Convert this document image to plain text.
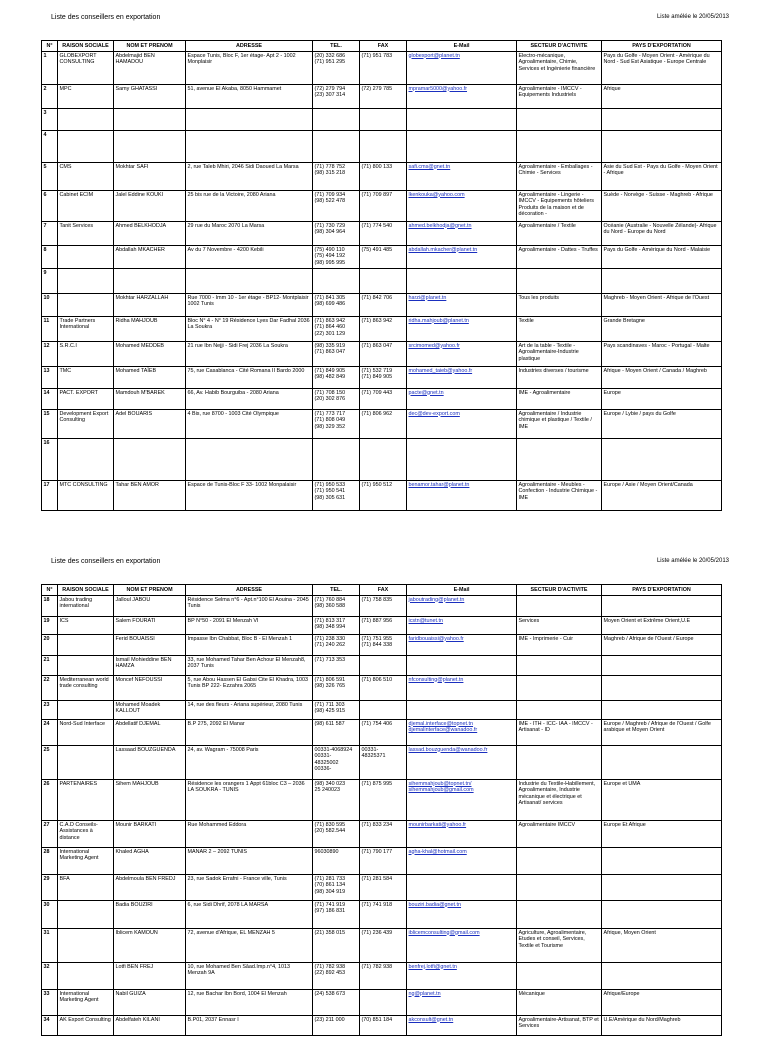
Liste des conseillers en exportation	Liste amélée le 20/05/2013
N°	RAISON SOCIALE	NOM ET PRENOM	ADRESSE	TEL.	FAX	E-Mail	SECTEUR D'ACTIVITE	PAYS D'EXPORTATION
1	GLOBEXPORT CONSULTING	Abdelmajid BEN HAMADOU	Espace Tunis, Bloc F, 1er étage- Apt 2 - 1002 Monplaisir	(20) 332 686
(71) 951 295	(71) 951 783	globexport@planet.tn	Electro-mécanique, Agroalimentaire, Chimie, Services et Ingénierie financière	Pays du Golfe - Moyen Orient - Amérique du Nord - Sud Est Asiatique - Europe Centrale
2	MPC	Samy GHATASSI	51, avenue El Akaba, 8050 Hammamet	(72) 279 794
(23) 307 314	(72) 279 785	mpramar5000@yahoo.fr	Agroalimentaire - IMCCV - Equipements Industriels	Afrique
3								
4								
5	CMS	Mokhtar SAFI	2, rue Taleb Mhiri, 2046 Sidi Daoued La Marsa	(71) 778 752
(98) 315 218	(71) 800 133	safi.cms@gnet.tn	Agroalimentaire - Emballages - Chimie - Services	Asie du Sud Est - Pays du Golfe - Moyen Orient - Afrique
6	Cabinet ECIM	Jalel Eddine KOUKI	25 bis rue de la Victoire, 2080 Ariana	(71) 709 934
(98) 522 478	(71) 709 897	lkenkouka@yahoo.com	Agroalimentaire - Lingerie - IMCCV - Equipements hôteliers Produits de la maison et de décoration -	Suède - Norvège - Suisse - Maghreb - Afrique
7	Tanit Services	Ahmed BELKHODJA	29 rue du Maroc 2070 La Marsa	(71) 730 729
(98) 304 964	(71) 774 540	ahmed.belkhodja@gnet.tn	Agroalimentaire / Textile	Océanie (Australie - Nouvelle Zélande)- Afrique du Nord - Europe du Nord
8		Abdallah MKACHER	Av du 7 Novembre - 4200 Kebili	(75) 490 110
(75) 494 192
(98) 995 995	(75) 491 485	abdallah.mkacher@planet.tn	Agroalimentaire - Dattes - Truffes	Pays du Golfe - Amérique du Nord - Malaisie
9								
10		Mokhtar HARZALLAH	Rue 7000 - Imm 10 - 1er étage - BP12- Montplaisir 1002 Tunis	(71) 841 305
(98) 699 486	(71) 842 706	harzi@planet.tn	Tous les produits	Maghreb - Moyen Orient - Afrique de l'Ouest
11	Trade Partners International	Ridha MAHJOUB	Bloc N° 4 - N° 19 Résidence Lyes Dar Fadhal 2036 La Soukra	(71) 863 942
(71) 864 460
(22) 301 129	(71) 863 942	ridha.mahjoub@planet.tn	Textile	Grande Bretagne
12	S.R.C.I	Mohamed MEDDEB	21 rue Ibn Nejji - Sidi Frej 2036 La Soukra	(98) 335 919
(71) 863 047	(71) 863 047	srcimomed@yahoo.fr	Art de la table - Textile - Agroalimentaire-Industrie plastique	Pays scandinaves - Maroc - Portugal - Malte
13	TMC	Mohamed TAÏEB	75, rue Casablanca - Cité Romana II Bardo 2000	(71) 849 905
(98) 482 849	(71) 532 719
(71) 849 905	mohamed_taieb@yahoo.fr	Industries diverses / tourisme	Afrique - Moyen Orient / Canada / Maghreb
14	PACT. EXPORT	Mamdouh M'BAREK	66, Av. Habib Bourguiba - 2080 Ariana	(71) 708 150
(20) 302 876	(71) 709 443	pacte@gnet.tn	IME - Agroalimentaire	Europe
15	Development Export Consulting	Adel BOUARIS	4 Bis, rue 8700 - 1003 Cité Olympique	(71) 773 717
(71) 808 049
(98) 329 352	(71) 806 962	dec@dev-export.com	Agroalimentaire / Industrie chimique et plastique / Textile / IME	Europe / Lybie / pays du Golfe
16								
17	MTC CONSULTING	Tahar BEN AMOR	Espace de Tunis-Bloc F 33- 1002 Monpalaisir	(71) 950 533
(71) 950 541
(98) 305 631	(71) 950 512	benamor.tahar@planet.tn	Agroalimentaire - Meubles - Confection - Industrie Chimique - IME	Europe / Asie / Moyen Orient/Canada
Liste des conseillers en exportation	Liste amélée le 20/05/2013
N°	RAISON SOCIALE	NOM ET PRENOM	ADRESSE	TEL.	FAX	E-Mail	SECTEUR D'ACTIVITE	PAYS D'EXPORTATION
18	Jabou trading international	Jalloul JABOU	Résidence Selma n°6 - Apt.n°100 El Aouina - 2045 Tunis	(71) 760 884
(98) 360 588	(71) 758 835	jaboutrading@planet.tn		
19	ICS	Salem FOURATI	BP N°50 - 2091 El Menzah VI	(71) 813 317
(98) 348 994	(71) 887 956	icstn@tunet.tn	Services	Moyen Orient et Extrême Orient,U.E
20		Ferid BOUAISSI	Impasse Ibn Chabbat, Bloc B - El Menzah 1	(71) 238 330
(71) 240 262	(71) 751 955
(71) 844 338	faridbouaissi@yahoo.fr	IME - Imprimerie - Cuir	Maghreb / Afrique de l'Ouest / Europe
21		Ismail Mohieddine BEN HAMZA	33, rue Mohamed Tahar Ben Achour El Menzah8, 2037 Tunis	(71) 713 353				
22	Mediterranean world trade consulting	Moncef NEFOUSSI	5, rue Abou Hassen El Gabsi Cite El Khadra, 1003 Tunis BP 222- Ezzahra 2065	(71) 806 591
(98) 326 765	(71) 806 510	nfconsulting@planet.tn		
23		Mohamed Moadek KALLOUT	14, rue des fleurs - Ariana supérieur, 2080 Tunis	(71) 711 303
(98) 425 915				
24	Nord-Sud Interface	Abdellatif DJEMAL	B.P 275, 2092 El Manar	(98) 611 587	(71) 754 406	djemal.interface@topnet.tn
djemalinterface@wanadoo.fr	IME - ITH - ICC- IAA - IMCCV - Artisanat - ID	Europe / Maghreb / Afrique de l'Ouest / Golfe arabique et Moyen Orient
25		Lassaad BOUZGUENDA	24, av. Wagram - 75008 Paris	00331-4068924
00331-
48325002
00336-	00331-
48325371	lassad.bouzguenda@wanadoo.fr		
26	PARTENAIRES	Sihem MAHJOUB	Résidence les orangers 1 Appt 61bloc C3 – 2036 LA SOUKRA - TUNIS	(98) 340 023
25 240023	(71) 875 995	sihemmahjoub@topnet.tn/
sihemmahjoub@gmail.com	Industrie du Textile-Habillement, Agroalimentaire, Industrie mécanique et électrique et Artisanat/ services	Europe et UMA
27	C.A.D Conseils-Assistances à distance	Mounir BARKATI	Rue Mohammed Eddora	(71) 830 595
(20) 582.544	(71) 833 234	mounirbarkati@yahoo.fr	Agroalimentaire IMCCV	Europe Et Afrique
28	International Marketing Agent	Khaled AGHA	MANAR 2 – 2092 TUNIS	96030890	(71) 790 177	agha-khal@hotmail.com		
29	BFA	Abdelmoula BEN FREDJ	23, rue Sadok Errafni - France ville, Tunis	(71) 281 733
(70) 861 134
(98) 304 919	(71) 281 584			
30		Badia BOUZIRI	6, rue Sidi Dhrif, 2078 LA MARSA	(71) 741 919
(97) 186 831	(71) 741 918	bouziri.badia@gnet.tn		
31		Iblicem KAMOUN	72, avenue d'Afrique, EL MENZAH 5	(21) 358 015	(71) 236 439	iblicemconsulting@gmail.com	Agriculture, Agroalimentaire, Etudes et conseil, Services, Textile et Tourisme	Afrique, Moyen Orient
32		Lotfi BEN FREJ	10, rue Mohamed Ben Sâad.Imp.n°4, 1013 Menzah 9A	(71) 782 938
(22) 892 453	(71) 782 938	benfrej.lotfi@gnet.tn		
33	International Marketing Agent	Nabil GUIZA	12, rue Bachar Ibn Bord, 1004 El Menzah	(24) 538 673		ng@planet.tn	Mécanique	Afrique/Europe
34	AK Export Consulting	Abdelfateh KILANI	B.P01, 2037 Ennasr I	(23) 211 000	(70) 851 184	akconsult@gnet.tn	Agroalimentaire-Artisanat, BTP et Services	U.E/Amérique du Nord/Maghreb
